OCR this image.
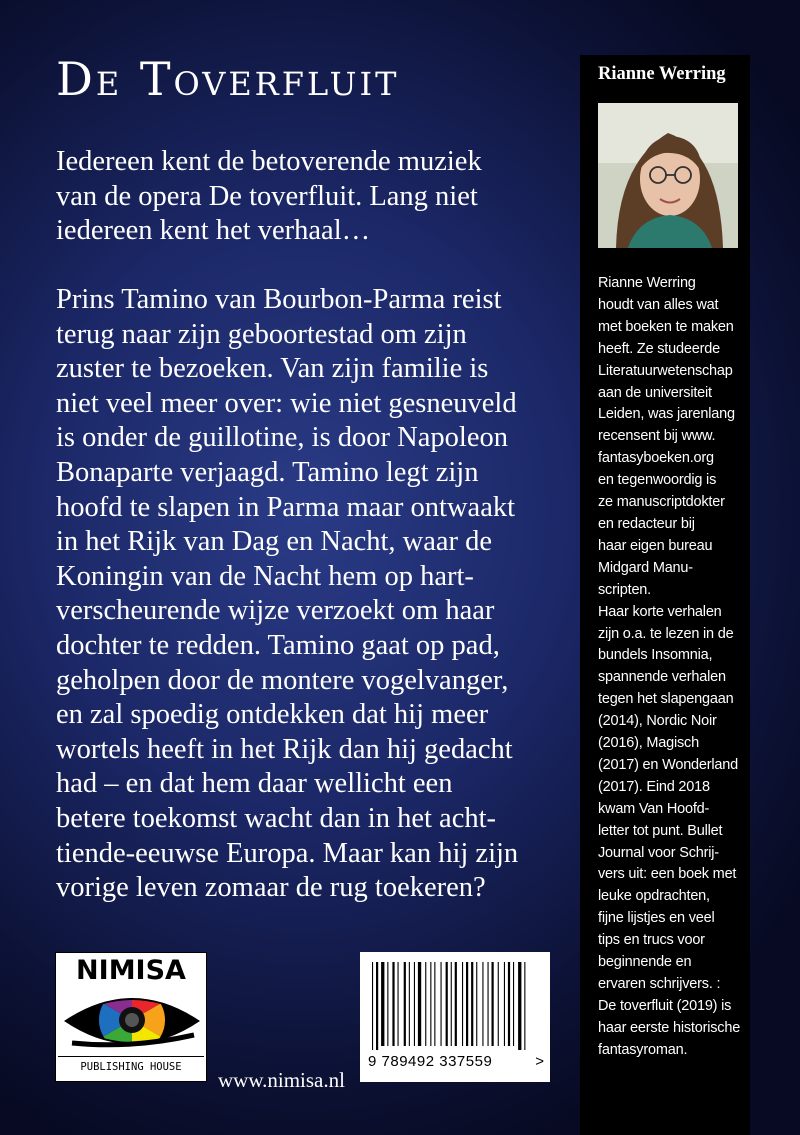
De Toverfluit

Iedereen kent de betoverende muziek
van de opera De toverfluit. Lang niet
iedereen kent het verhaal…

Prins Tamino van Bourbon-Parma reist
terug naar zijn geboortestad om zijn
zuster te bezoeken. Van zijn familie is
niet veel meer over: wie niet gesneuveld
is onder de guillotine, is door Napoleon
Bonaparte verjaagd. Tamino legt zijn
hoofd te slapen in Parma maar ontwaakt
in het Rijk van Dag en Nacht, waar de
Koningin van de Nacht hem op hart-
verscheurende wijze verzoekt om haar
dochter te redden. Tamino gaat op pad,
geholpen door de montere vogelvanger,
en zal spoedig ontdekken dat hij meer
wortels heeft in het Rijk dan hij gedacht
had – en dat hem daar wellicht een
betere toekomst wacht dan in het acht-
tiende-eeuwse Europa. Maar kan hij zijn
vorige leven zomaar de rug toekeren?

NIMISA
PUBLISHING HOUSE
www.nimisa.nl
9 789492 337559	>
Rianne Werring

Rianne Werring
houdt van alles wat
met boeken te maken
heeft. Ze studeerde
Literatuurwetenschap
aan de universiteit
Leiden, was jarenlang
recensent bij www.
fantasyboeken.org
en tegenwoordig is
ze manuscriptdokter
en redacteur bij
haar eigen bureau
Midgard Manu-
scripten.
Haar korte verhalen
zijn o.a. te lezen in de
bundels Insomnia,
spannende verhalen
tegen het slapengaan
(2014), Nordic Noir
(2016), Magisch
(2017) en Wonderland
(2017). Eind 2018
kwam Van Hoofd-
letter tot punt. Bullet
Journal voor Schrij-
vers uit: een boek met
leuke opdrachten,
fijne lijstjes en veel
tips en trucs voor
beginnende en
ervaren schrijvers. :
De toverfluit (2019) is
haar eerste historische
fantasyroman.
